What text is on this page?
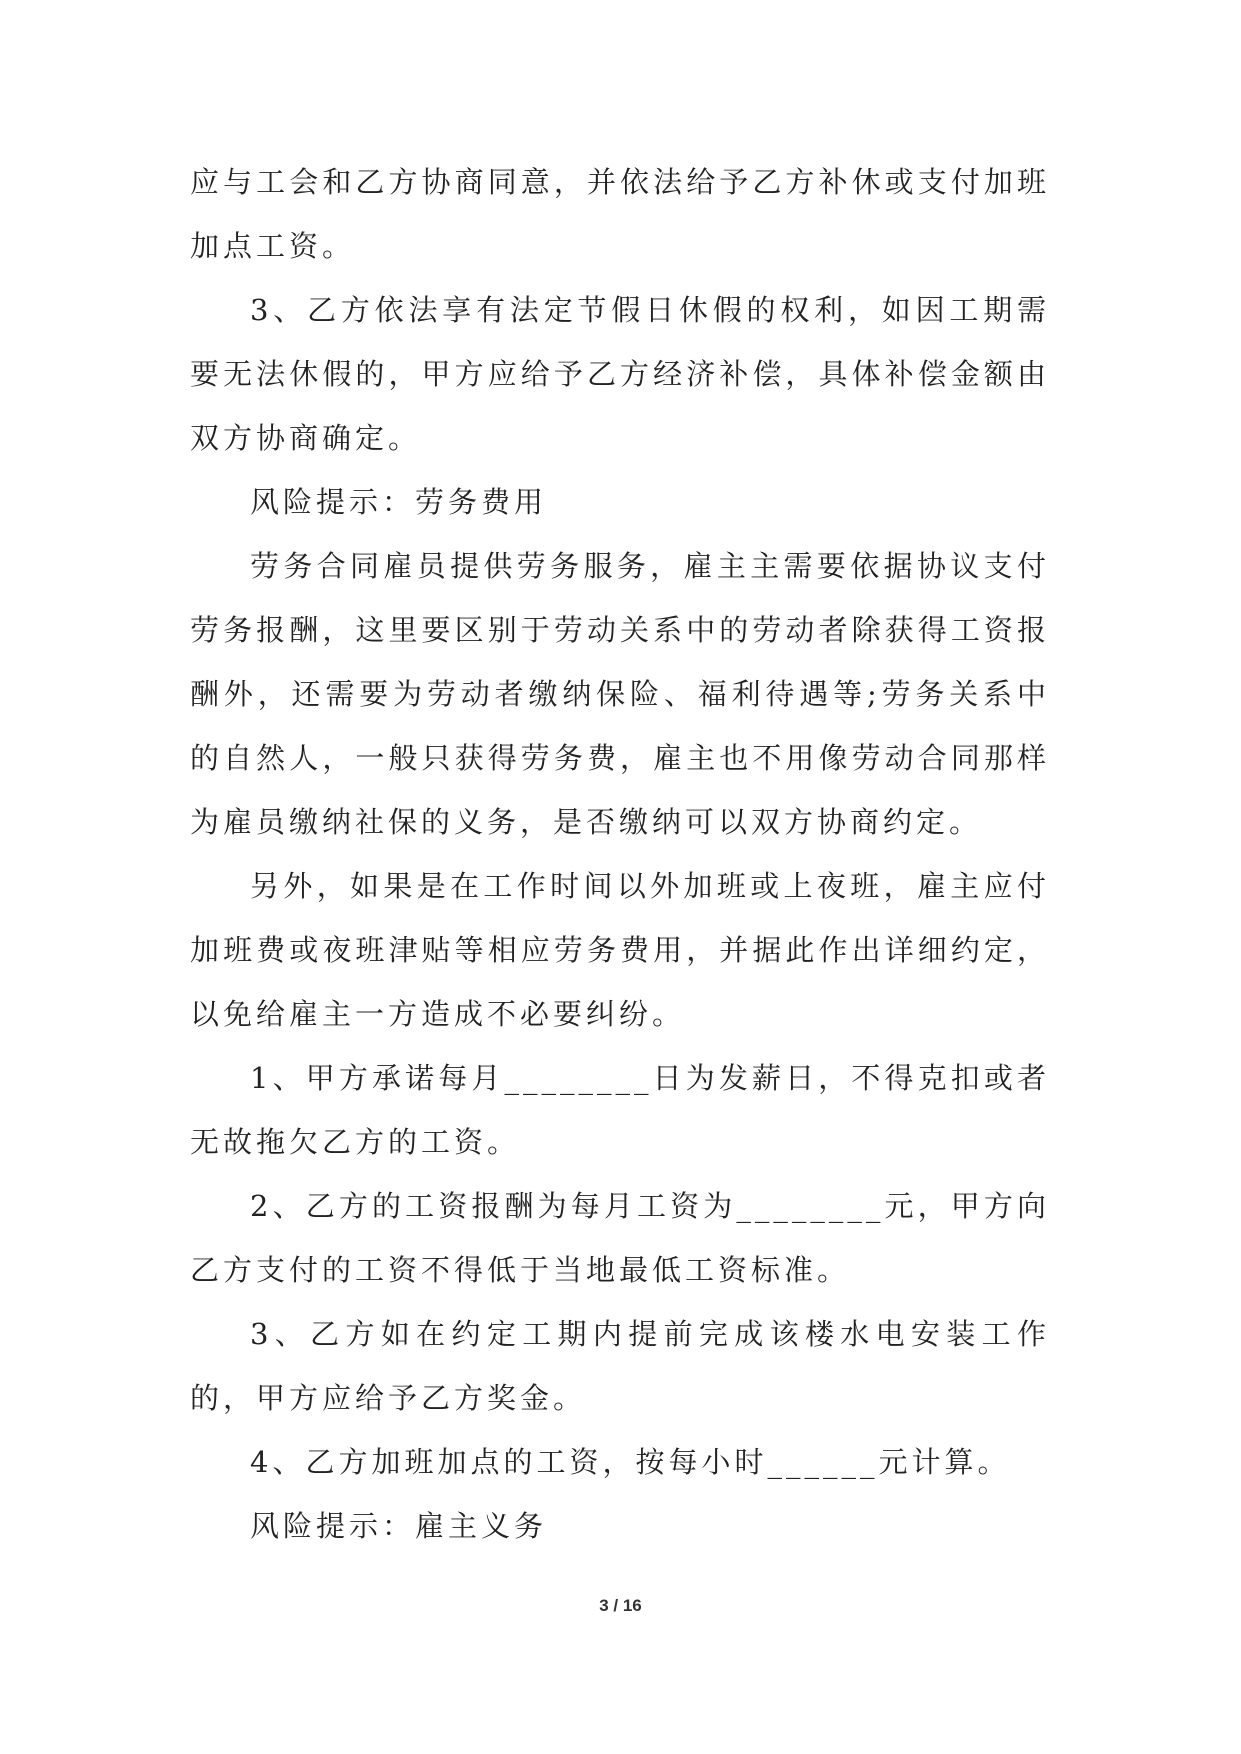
应与工会和乙方协商同意，并依法给予乙方补休或支付加班加点工资。

3、乙方依法享有法定节假日休假的权利，如因工期需要无法休假的，甲方应给予乙方经济补偿，具体补偿金额由双方协商确定。

风险提示：劳务费用

劳务合同雇员提供劳务服务，雇主主需要依据协议支付劳务报酬，这里要区别于劳动关系中的劳动者除获得工资报酬外，还需要为劳动者缴纳保险、福利待遇等;劳务关系中的自然人，一般只获得劳务费，雇主也不用像劳动合同那样为雇员缴纳社保的义务，是否缴纳可以双方协商约定。

另外，如果是在工作时间以外加班或上夜班，雇主应付加班费或夜班津贴等相应劳务费用，并据此作出详细约定，以免给雇主一方造成不必要纠纷。

1、甲方承诺每月________日为发薪日，不得克扣或者无故拖欠乙方的工资。

2、乙方的工资报酬为每月工资为________元，甲方向乙方支付的工资不得低于当地最低工资标准。

3、乙方如在约定工期内提前完成该楼水电安装工作的，甲方应给予乙方奖金。

4、乙方加班加点的工资，按每小时______元计算。

风险提示：雇主义务

3 / 16
